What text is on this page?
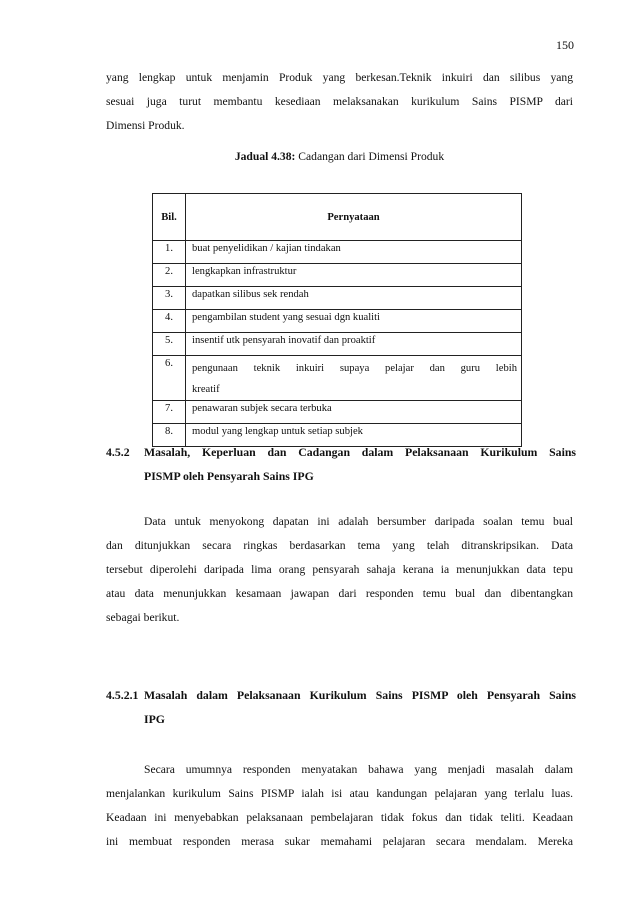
150
yang lengkap untuk menjamin Produk yang berkesan.Teknik inkuiri dan silibus yang
sesuai juga turut membantu kesediaan melaksanakan kurikulum Sains PISMP dari
Dimensi Produk.
Jadual 4.38: Cadangan dari Dimensi Produk
Bil.	Pernyataan
1.	buat penyelidikan / kajian tindakan
2.	lengkapkan infrastruktur
3.	dapatkan silibus sek rendah
4.	pengambilan student yang sesuai dgn kualiti
5.	insentif utk pensyarah inovatif dan proaktif
6.	pengunaan teknik inkuiri supaya pelajar dan guru lebih
kreatif
7.	penawaran subjek secara terbuka
8.	modul yang lengkap untuk setiap subjek
4.5.2 Masalah, Keperluan dan Cadangan dalam Pelaksanaan Kurikulum Sains
PISMP oleh Pensyarah Sains IPG
Data untuk menyokong dapatan ini adalah bersumber daripada soalan temu bual
dan ditunjukkan secara ringkas berdasarkan tema yang telah ditranskripsikan. Data
tersebut diperolehi daripada lima orang pensyarah sahaja kerana ia menunjukkan data tepu
atau data menunjukkan kesamaan jawapan dari responden temu bual dan dibentangkan
sebagai berikut.
4.5.2.1 Masalah dalam Pelaksanaan Kurikulum Sains PISMP oleh Pensyarah Sains
IPG
Secara umumnya responden menyatakan bahawa yang menjadi masalah dalam
menjalankan kurikulum Sains PISMP ialah isi atau kandungan pelajaran yang terlalu luas.
Keadaan ini menyebabkan pelaksanaan pembelajaran tidak fokus dan tidak teliti. Keadaan
ini membuat responden merasa sukar memahami pelajaran secara mendalam. Mereka
